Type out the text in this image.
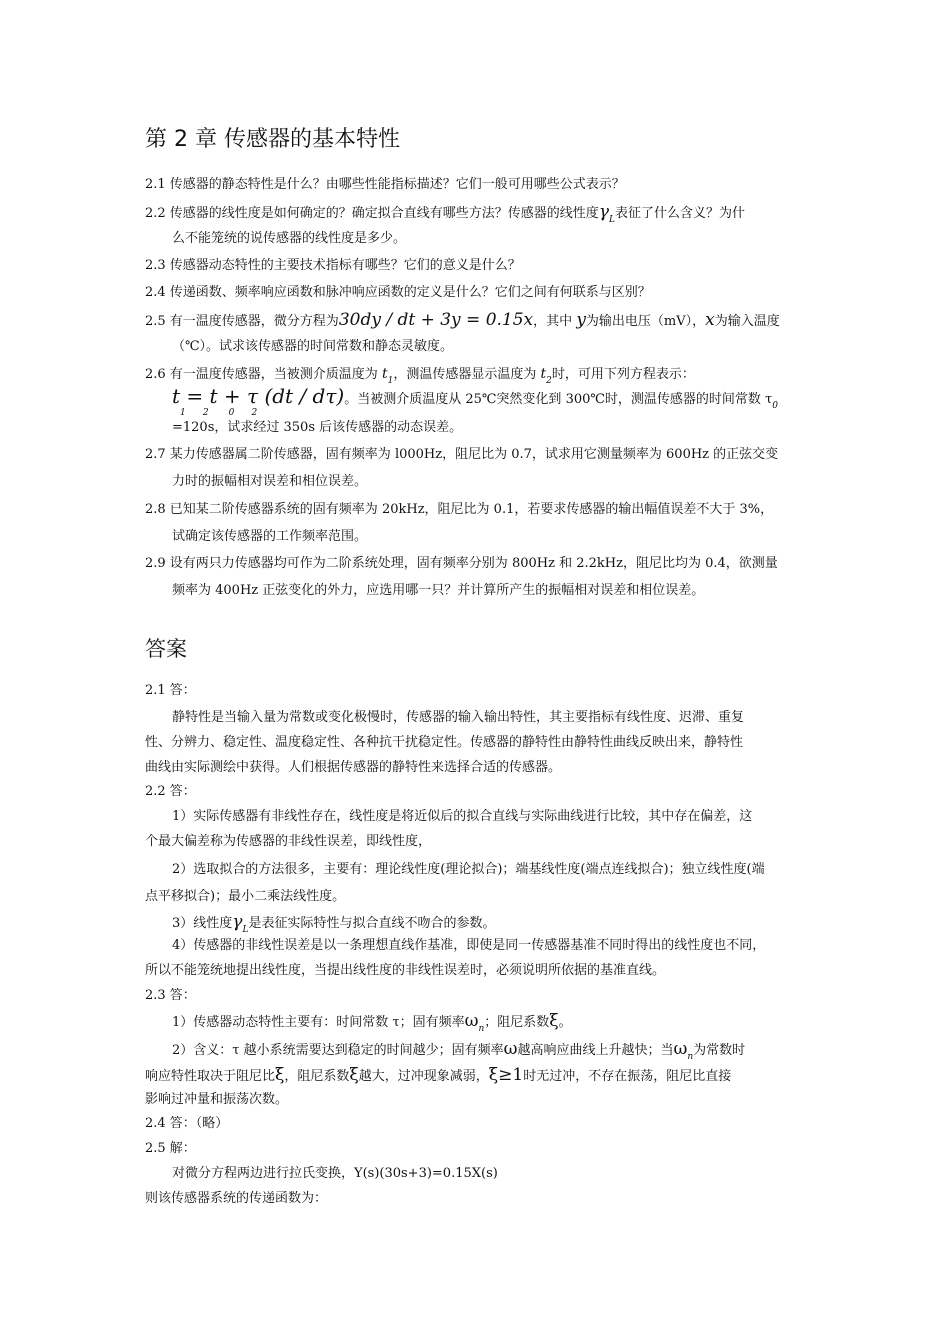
第 2 章 传感器的基本特性
2.1 传感器的静态特性是什么？由哪些性能指标描述？它们一般可用哪些公式表示？
2.2 传感器的线性度是如何确定的？确定拟合直线有哪些方法？传感器的线性度$\gamma_L$表征了什么含义？为什
么不能笼统的说传感器的线性度是多少。
2.3 传感器动态特性的主要技术指标有哪些？它们的意义是什么？
2.4 传递函数、频率响应函数和脉冲响应函数的定义是什么？它们之间有何联系与区别？
2.5 有一温度传感器，微分方程为30dy / dt + 3y = 0.15x，其中 y为输出电压（mV），x为输入温度
（℃）。试求该传感器的时间常数和静态灵敏度。
2.6 有一温度传感器，当被测介质温度为 $t_1$，测温传感器显示温度为 $t_2$时，可用下列方程表示：
t = t + τ (dt / dτ)。当被测介质温度从 25℃突然变化到 300℃时，测温传感器的时间常数 $\tau_0$
1      2       0      2
=120s，试求经过 350s 后该传感器的动态误差。
2.7 某力传感器属二阶传感器，固有频率为 l000Hz，阻尼比为 0.7，试求用它测量频率为 600Hz 的正弦交变
力时的振幅相对误差和相位误差。
2.8 已知某二阶传感器系统的固有频率为 20kHz，阻尼比为 0.1，若要求传感器的输出幅值误差不大于 3%，
试确定该传感器的工作频率范围。
2.9 设有两只力传感器均可作为二阶系统处理，固有频率分别为 800Hz 和 2.2kHz，阻尼比均为 0.4，欲测量
频率为 400Hz 正弦变化的外力，应选用哪一只？并计算所产生的振幅相对误差和相位误差。
答案
2.1 答：
静特性是当输入量为常数或变化极慢时，传感器的输入输出特性，其主要指标有线性度、迟滞、重复
性、分辨力、稳定性、温度稳定性、各种抗干扰稳定性。传感器的静特性由静特性曲线反映出来，静特性
曲线由实际测绘中获得。人们根据传感器的静特性来选择合适的传感器。
2.2 答：
1）实际传感器有非线性存在，线性度是将近似后的拟合直线与实际曲线进行比较，其中存在偏差，这
个最大偏差称为传感器的非线性误差，即线性度，
2）选取拟合的方法很多，主要有：理论线性度(理论拟合)；端基线性度(端点连线拟合)；独立线性度(端
点平移拟合)；最小二乘法线性度。
3）线性度$\gamma_L$是表征实际特性与拟合直线不吻合的参数。
4）传感器的非线性误差是以一条理想直线作基准，即使是同一传感器基准不同时得出的线性度也不同，
所以不能笼统地提出线性度，当提出线性度的非线性误差时，必须说明所依据的基准直线。
2.3 答：
1）传感器动态特性主要有：时间常数 τ；固有频率$\omega_n$；阻尼系数ξ。
2）含义：τ 越小系统需要达到稳定的时间越少；固有频率ω越高响应曲线上升越快；当$\omega_n$为常数时
响应特性取决于阻尼比ξ，阻尼系数ξ越大，过冲现象减弱，ξ≥1时无过冲，不存在振荡，阻尼比直接
影响过冲量和振荡次数。
2.4 答：（略）
2.5 解：
对微分方程两边进行拉氏变换，Y(s)(30s+3)=0.15X(s)
则该传感器系统的传递函数为：
